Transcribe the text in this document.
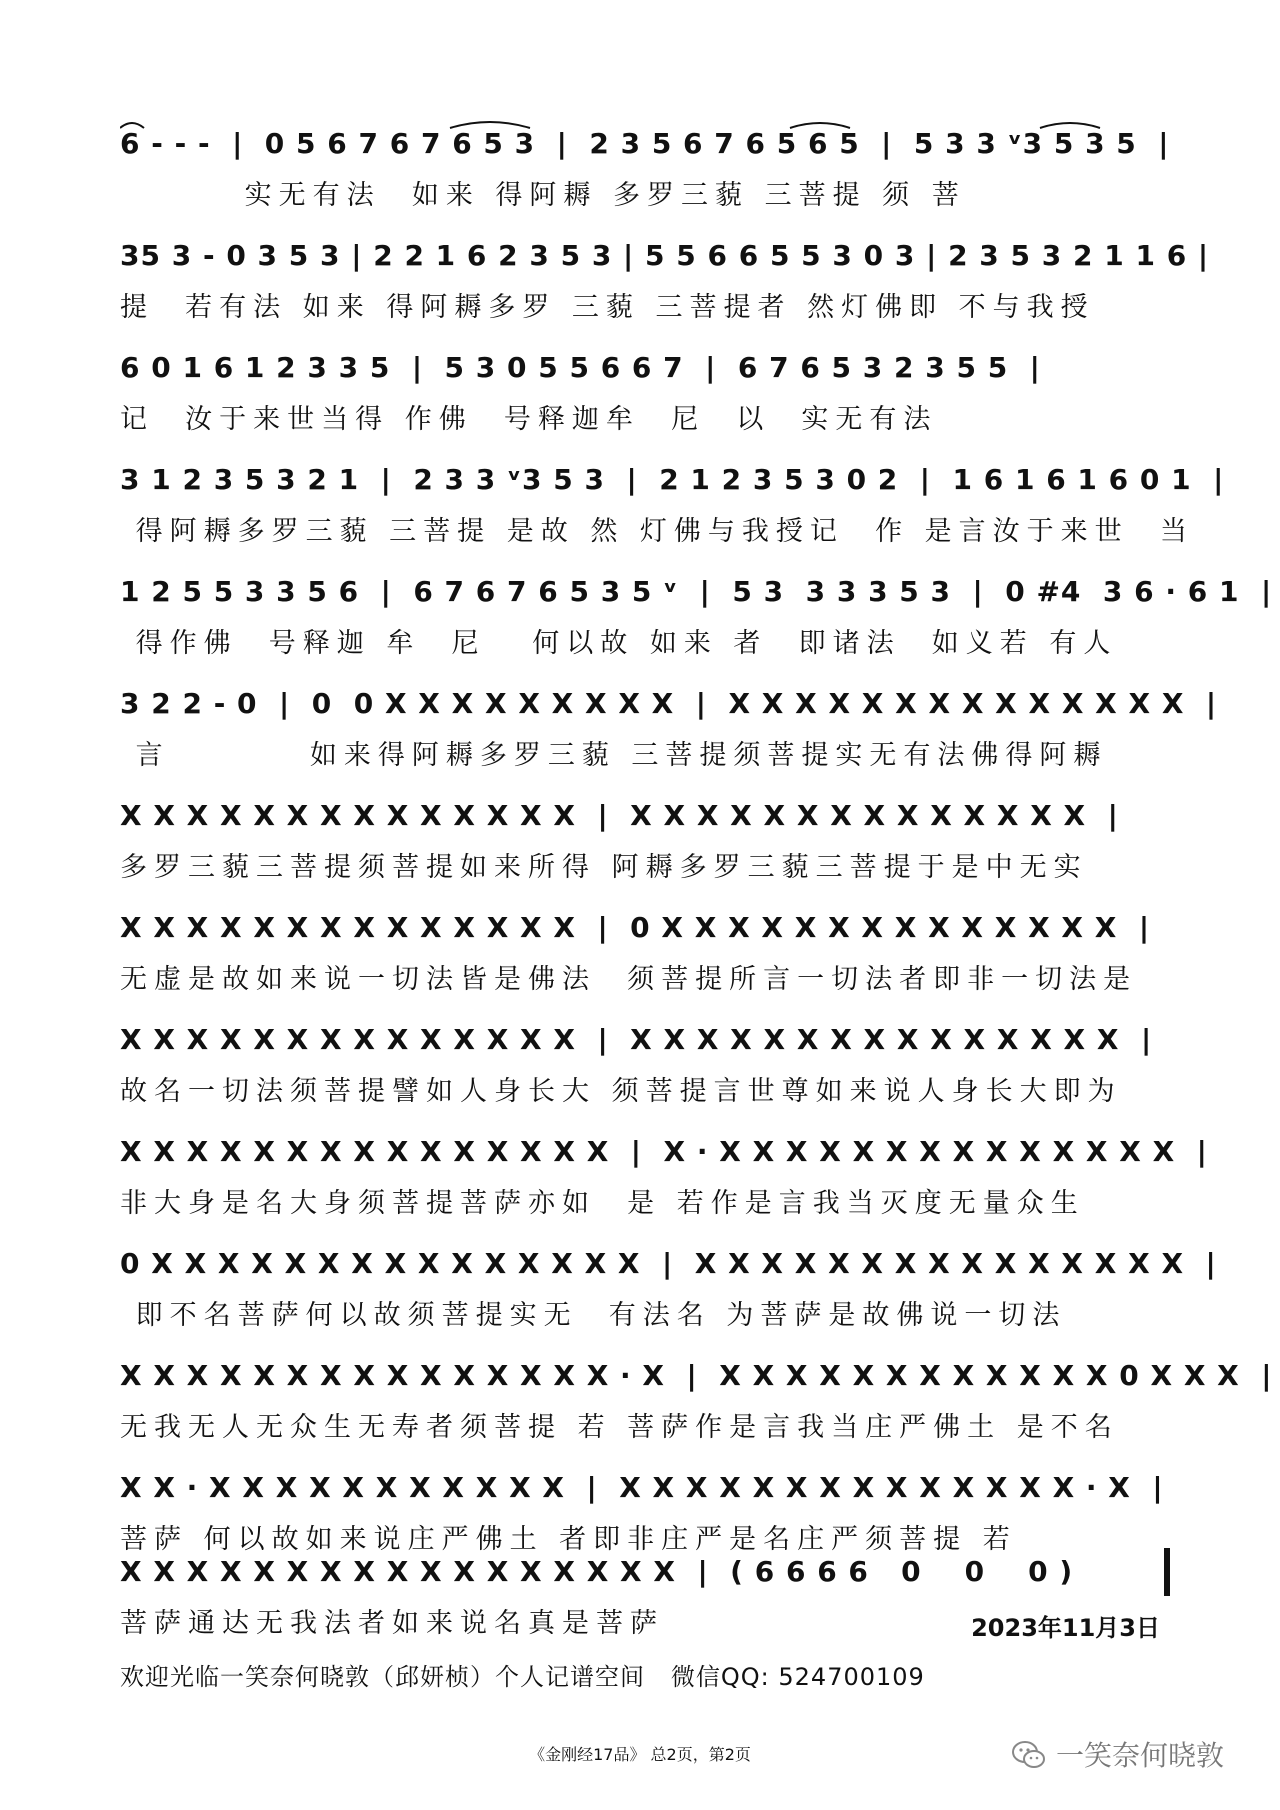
6 - - -  |  0 5 6 7 6 7 6 5 3  |  2 3 5 6 7 6 5 6 5  |  5 3 3 ᵛ3 5 3 5  |
实无有法  如来 得阿耨 多罗三藐 三菩提 须 菩
35 3 - 0 3 5 3 | 2 2 1 6 2 3 5 3 | 5 5 6 6 5 5 3 0 3 | 2 3 5 3 2 1 1 6 |
提  若有法 如来 得阿耨多罗 三藐 三菩提者 然灯佛即 不与我授
6 0 1 6 1 2 3 3 5  |  5 3 0 5 5 6 6 7  |  6 7 6 5 3 2 3 5 5  |
记  汝于来世当得 作佛  号释迦牟  尼  以  实无有法
3 1 2 3 5 3 2 1  |  2 3 3 ᵛ3 5 3  |  2 1 2 3 5 3 0 2  |  1 6 1 6 1 6 0 1  |
得阿耨多罗三藐 三菩提 是故 然 灯佛与我授记  作 是言汝于来世  当
1 2 5 5 3 3 5 6  |  6 7 6 7 6 5 3 5 ᵛ  |  5 3  3 3 3 5 3  |  0 #4  3 6 · 6 1  |
得作佛  号释迦 牟  尼   何以故 如来 者  即诸法  如义若 有人
3 2 2 - 0  |  0  0 X X X X X X X X X  |  X X X X X X X X X X X X X X  |
言         如来得阿耨多罗三藐 三菩提须菩提实无有法佛得阿耨
X X X X X X X X X X X X X X  |  X X X X X X X X X X X X X X  |
多罗三藐三菩提须菩提如来所得 阿耨多罗三藐三菩提于是中无实
X X X X X X X X X X X X X X  |  0 X X X X X X X X X X X X X X  |
无虚是故如来说一切法皆是佛法  须菩提所言一切法者即非一切法是
X X X X X X X X X X X X X X  |  X X X X X X X X X X X X X X X  |
故名一切法须菩提譬如人身长大 须菩提言世尊如来说人身长大即为
X X X X X X X X X X X X X X X  |  X · X X X X X X X X X X X X X X  |
非大身是名大身须菩提菩萨亦如  是 若作是言我当灭度无量众生
0 X X X X X X X X X X X X X X X  |  X X X X X X X X X X X X X X X  |
即不名菩萨何以故须菩提实无  有法名 为菩萨是故佛说一切法
X X X X X X X X X X X X X X X · X  |  X X X X X X X X X X X X 0 X X X  |
无我无人无众生无寿者须菩提 若 菩萨作是言我当庄严佛土 是不名
X X · X X X X X X X X X X X  |  X X X X X X X X X X X X X X · X  |
菩萨 何以故如来说庄严佛土 者即非庄严是名庄严须菩提 若
X X X X X X X X X X X X X X X X X  |  ( 6 6 6 6   0    0    0 )
菩萨通达无我法者如来说名真是菩萨	2023年11月3日
欢迎光临一笑奈何晓敦（邱妍桢）个人记谱空间   微信QQ: 524700109
《金刚经17品》 总2页，第2页	一笑奈何晓敦
